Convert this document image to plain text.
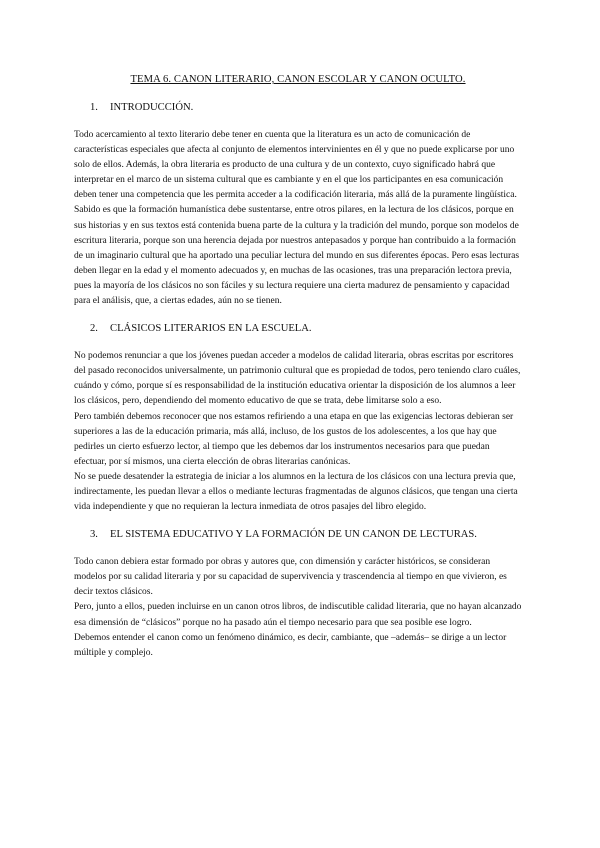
TEMA 6. CANON LITERARIO, CANON ESCOLAR Y CANON OCULTO.
1.	INTRODUCCIÓN.

Todo acercamiento al texto literario debe tener en cuenta que la literatura es un acto de comunicación de características especiales que afecta al conjunto de elementos intervinientes en él y que no puede explicarse por uno solo de ellos. Además, la obra literaria es producto de una cultura y de un contexto, cuyo significado habrá que interpretar en el marco de un sistema cultural que es cambiante y en el que los participantes en esa comunicación deben tener una competencia que les permita acceder a la codificación literaria, más allá de la puramente lingüística. Sabido es que la formación humanística debe sustentarse, entre otros pilares, en la lectura de los clásicos, porque en sus historias y en sus textos está contenida buena parte de la cultura y la tradición del mundo, porque son modelos de escritura literaria, porque son una herencia dejada por nuestros antepasados y porque han contribuido a la formación de un imaginario cultural que ha aportado una peculiar lectura del mundo en sus diferentes épocas. Pero esas lecturas deben llegar en la edad y el momento adecuados y, en muchas de las ocasiones, tras una preparación lectora previa, pues la mayoría de los clásicos no son fáciles y su lectura requiere una cierta madurez de pensamiento y capacidad para el análisis, que, a ciertas edades, aún no se tienen.

2.	CLÁSICOS LITERARIOS EN LA ESCUELA.

No podemos renunciar a que los jóvenes puedan acceder a modelos de calidad literaria, obras escritas por escritores del pasado reconocidos universalmente, un patrimonio cultural que es propiedad de todos, pero teniendo claro cuáles, cuándo y cómo, porque sí es responsabilidad de la institución educativa orientar la disposición de los alumnos a leer los clásicos, pero, dependiendo del momento educativo de que se trata, debe limitarse solo a eso.

Pero también debemos reconocer que nos estamos refiriendo a una etapa en que las exigencias lectoras debieran ser superiores a las de la educación primaria, más allá, incluso, de los gustos de los adolescentes, a los que hay que pedirles un cierto esfuerzo lector, al tiempo que les debemos dar los instrumentos necesarios para que puedan efectuar, por sí mismos, una cierta elección de obras literarias canónicas.

No se puede desatender la estrategia de iniciar a los alumnos en la lectura de los clásicos con una lectura previa que, indirectamente, les puedan llevar a ellos o mediante lecturas fragmentadas de algunos clásicos, que tengan una cierta vida independiente y que no requieran la lectura inmediata de otros pasajes del libro elegido.

3.	EL SISTEMA EDUCATIVO Y LA FORMACIÓN DE UN CANON DE LECTURAS.

Todo canon debiera estar formado por obras y autores que, con dimensión y carácter históricos, se consideran modelos por su calidad literaria y por su capacidad de supervivencia y trascendencia al tiempo en que vivieron, es decir textos clásicos.

Pero, junto a ellos, pueden incluirse en un canon otros libros, de indiscutible calidad literaria, que no hayan alcanzado esa dimensión de “clásicos” porque no ha pasado aún el tiempo necesario para que sea posible ese logro.

Debemos entender el canon como un fenómeno dinámico, es decir, cambiante, que –además– se dirige a un lector múltiple y complejo.
